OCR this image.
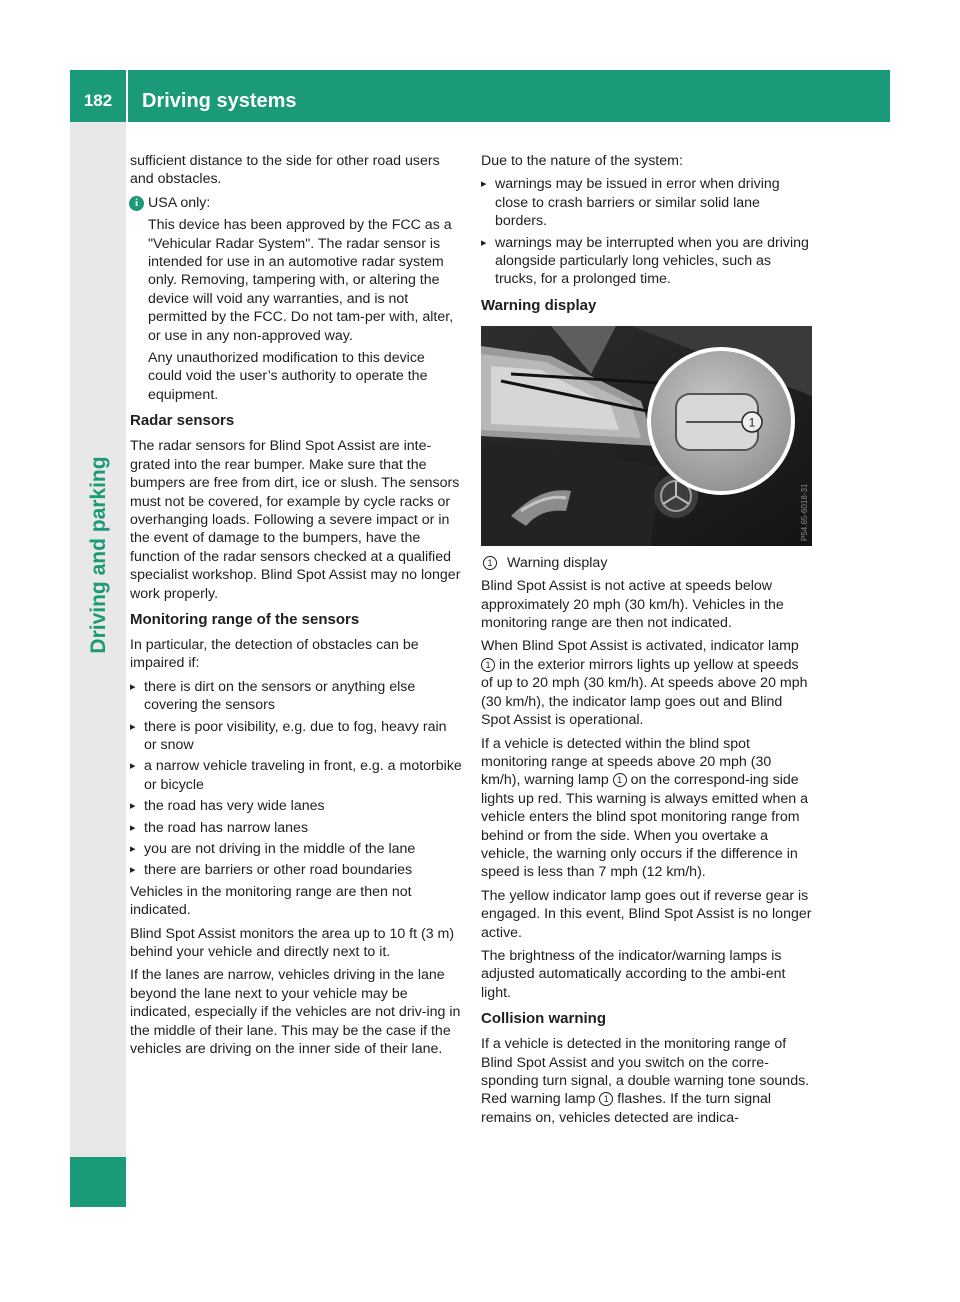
182	Driving systems
Driving and parking

sufficient distance to the side for other road users and obstacles.

i USA only:

This device has been approved by the FCC as a "Vehicular Radar System". The radar sensor is intended for use in an automotive radar system only. Removing, tampering with, or altering the device will void any warranties, and is not permitted by the FCC. Do not tam-per with, alter, or use in any non-approved way.

Any unauthorized modification to this device could void the user’s authority to operate the equipment.

Radar sensors

The radar sensors for Blind Spot Assist are inte-grated into the rear bumper. Make sure that the bumpers are free from dirt, ice or slush. The sensors must not be covered, for example by cycle racks or overhanging loads. Following a severe impact or in the event of damage to the bumpers, have the function of the radar sensors checked at a qualified specialist workshop. Blind Spot Assist may no longer work properly.

Monitoring range of the sensors

In particular, the detection of obstacles can be impaired if:

▸ there is dirt on the sensors or anything else covering the sensors
▸ there is poor visibility, e.g. due to fog, heavy rain or snow
▸ a narrow vehicle traveling in front, e.g. a motorbike or bicycle
▸ the road has very wide lanes
▸ the road has narrow lanes
▸ you are not driving in the middle of the lane
▸ there are barriers or other road boundaries

Vehicles in the monitoring range are then not indicated.

Blind Spot Assist monitors the area up to 10 ft (3 m) behind your vehicle and directly next to it.

If the lanes are narrow, vehicles driving in the lane beyond the lane next to your vehicle may be indicated, especially if the vehicles are not driv-ing in the middle of their lane. This may be the case if the vehicles are driving on the inner side of their lane.

Due to the nature of the system:

▸ warnings may be issued in error when driving close to crash barriers or similar solid lane borders.
▸ warnings may be interrupted when you are driving alongside particularly long vehicles, such as trucks, for a prolonged time.
Warning display
1
P54.65-6018-31

1	Warning display

Blind Spot Assist is not active at speeds below approximately 20 mph (30 km/h). Vehicles in the monitoring range are then not indicated.

When Blind Spot Assist is activated, indicator lamp 1 in the exterior mirrors lights up yellow at speeds of up to 20 mph (30 km/h). At speeds above 20 mph (30 km/h), the indicator lamp goes out and Blind Spot Assist is operational.

If a vehicle is detected within the blind spot monitoring range at speeds above 20 mph (30 km/h), warning lamp 1 on the correspond-ing side lights up red. This warning is always emitted when a vehicle enters the blind spot monitoring range from behind or from the side. When you overtake a vehicle, the warning only occurs if the difference in speed is less than 7 mph (12 km/h).

The yellow indicator lamp goes out if reverse gear is engaged. In this event, Blind Spot Assist is no longer active.

The brightness of the indicator/warning lamps is adjusted automatically according to the ambi-ent light.

Collision warning

If a vehicle is detected in the monitoring range of Blind Spot Assist and you switch on the corre-sponding turn signal, a double warning tone sounds. Red warning lamp 1 flashes. If the turn signal remains on, vehicles detected are indica-
